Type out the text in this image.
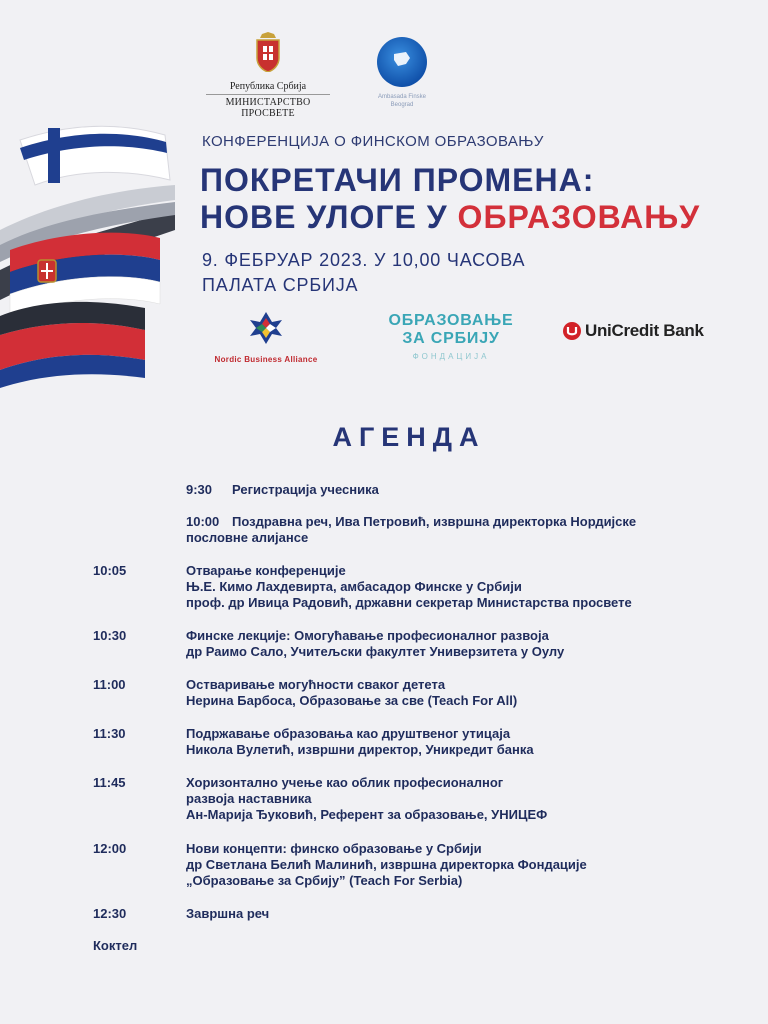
Република Србија
МИНИСТАРСТВО ПРОСВЕТЕ
Ambasada Finske
Beograd
КОНФЕРЕНЦИЈА О ФИНСКОМ ОБРАЗОВАЊУ
ПОКРЕТАЧИ ПРОМЕНА:
НОВЕ УЛОГЕ У ОБРАЗОВАЊУ
9. ФЕБРУАР 2023. У 10,00 ЧАСОВА
ПАЛАТА СРБИЈА
Nordic Business Alliance
ОБРАЗОВАЊЕ
ЗА СРБИЈУ
ФОНДАЦИЈА
UniCredit Bank
АГЕНДА
9:30 Регистрација учесника
10:00 Поздравна реч, Ива Петровић, извршна директорка Нордијске
пословне алијансе
10:05	Отварање конференције
Њ.Е. Кимо Лахдевирта, амбасадор Финске у Србији
проф. др Ивица Радовић, државни секретар Министарства просвете
10:30	Финске лекције: Омогућавање професионалног развоја
др Раимо Сало, Учитељски факултет Универзитета у Оулу
11:00	Остваривање могућности сваког детета
Нерина Барбоса, Образовање за све (Teach For All)
11:30	Подржавање образовања као друштвеног утицаја
Никола Вулетић, извршни директор, Уникредит банка
11:45	Хоризонтално учење као облик професионалног
развоја наставника
Ан-Марија Ђуковић, Референт за образовање, УНИЦЕФ
12:00	Нови концепти: финско образовање у Србији
др Светлана Белић Малинић, извршна директорка Фондације
„Образовање за Србију” (Teach For Serbia)
12:30	Завршна реч
Коктел
